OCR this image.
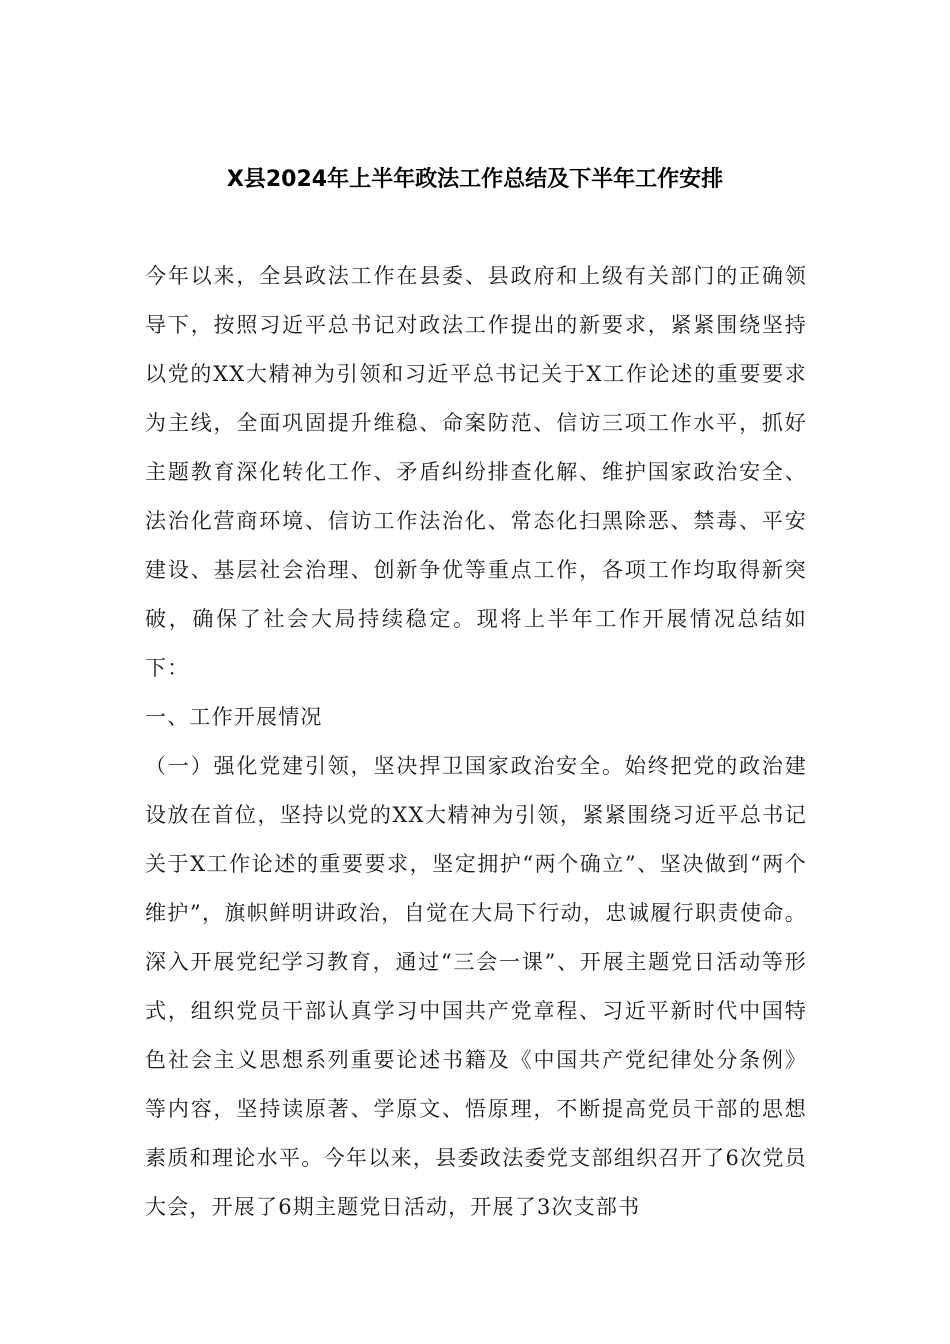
X县2024年上半年政法工作总结及下半年工作安排

今年以来，全县政法工作在县委、县政府和上级有关部门的正确领导下，按照习近平总书记对政法工作提出的新要求，紧紧围绕坚持以党的XX大精神为引领和习近平总书记关于X工作论述的重要要求为主线，全面巩固提升维稳、命案防范、信访三项工作水平，抓好主题教育深化转化工作、矛盾纠纷排查化解、维护国家政治安全、法治化营商环境、信访工作法治化、常态化扫黑除恶、禁毒、平安建设、基层社会治理、创新争优等重点工作，各项工作均取得新突破，确保了社会大局持续稳定。现将上半年工作开展情况总结如下：

一、工作开展情况

（一）强化党建引领，坚决捍卫国家政治安全。始终把党的政治建设放在首位，坚持以党的XX大精神为引领，紧紧围绕习近平总书记关于X工作论述的重要要求，坚定拥护“两个确立”、坚决做到“两个维护”，旗帜鲜明讲政治，自觉在大局下行动，忠诚履行职责使命。深入开展党纪学习教育，通过“三会一课”、开展主题党日活动等形式，组织党员干部认真学习中国共产党章程、习近平新时代中国特色社会主义思想系列重要论述书籍及《中国共产党纪律处分条例》等内容，坚持读原著、学原文、悟原理，不断提高党员干部的思想素质和理论水平。今年以来，县委政法委党支部组织召开了6次党员大会，开展了6期主题党日活动，开展了3次支部书
